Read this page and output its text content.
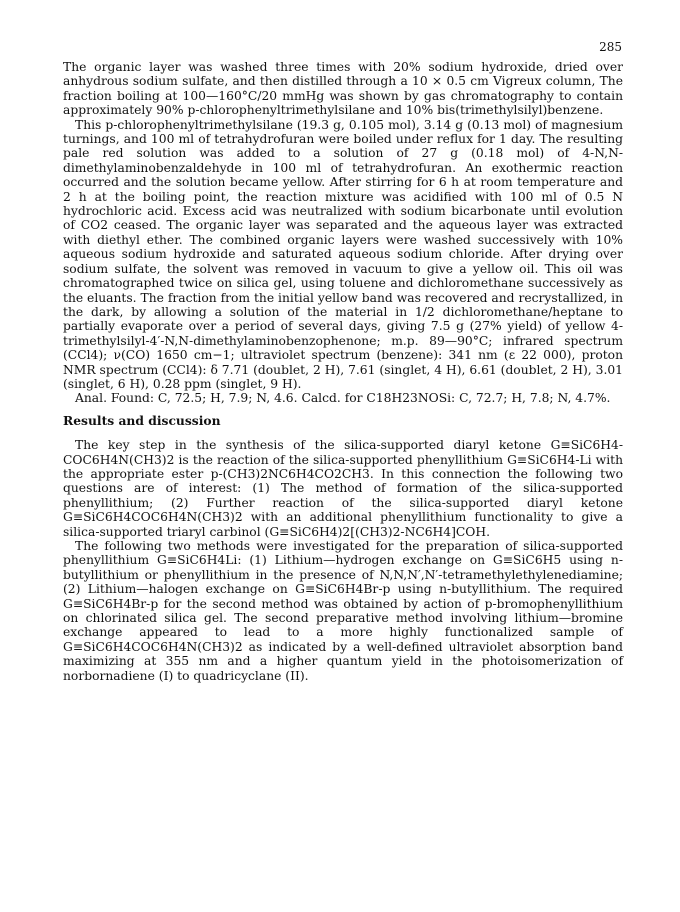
285

The organic layer was washed three times with 20% sodium hydroxide, dried over anhydrous sodium sulfate, and then distilled through a 10 × 0.5 cm Vigreux column, The fraction boiling at 100—160°C/20 mmHg was shown by gas chromatography to contain approximately 90% p-chlorophenyltrimethylsilane and 10% bis(trimethylsilyl)benzene.

This p-chlorophenyltrimethylsilane (19.3 g, 0.105 mol), 3.14 g (0.13 mol) of magnesium turnings, and 100 ml of tetrahydrofuran were boiled under reflux for 1 day. The resulting pale red solution was added to a solution of 27 g (0.18 mol) of 4-N,N-dimethylaminobenzaldehyde in 100 ml of tetrahydrofuran. An exothermic reaction occurred and the solution became yellow. After stirring for 6 h at room temperature and 2 h at the boiling point, the reaction mixture was acidified with 100 ml of 0.5 N hydrochloric acid. Excess acid was neutralized with sodium bicarbonate until evolution of CO2 ceased. The organic layer was separated and the aqueous layer was extracted with diethyl ether. The combined organic layers were washed successively with 10% aqueous sodium hydroxide and saturated aqueous sodium chloride. After drying over sodium sulfate, the solvent was removed in vacuum to give a yellow oil. This oil was chromatographed twice on silica gel, using toluene and dichloromethane successively as the eluants. The fraction from the initial yellow band was recovered and recrystallized, in the dark, by allowing a solution of the material in 1/2 dichloromethane/heptane to partially evaporate over a period of several days, giving 7.5 g (27% yield) of yellow 4-trimethylsilyl-4′-N,N-dimethylaminobenzophenone; m.p. 89—90°C; infrared spectrum (CCl4); ν(CO) 1650 cm−1; ultraviolet spectrum (benzene): 341 nm (ε 22 000), proton NMR spectrum (CCl4): δ 7.71 (doublet, 2 H), 7.61 (singlet, 4 H), 6.61 (doublet, 2 H), 3.01 (singlet, 6 H), 0.28 ppm (singlet, 9 H).

Anal. Found: C, 72.5; H, 7.9; N, 4.6. Calcd. for C18H23NOSi: C, 72.7; H, 7.8; N, 4.7%.

Results and discussion

The key step in the synthesis of the silica-supported diaryl ketone G≡SiC6H4-COC6H4N(CH3)2 is the reaction of the silica-supported phenyllithium G≡SiC6H4-Li with the appropriate ester p-(CH3)2NC6H4CO2CH3. In this connection the following two questions are of interest: (1) The method of formation of the silica-supported phenyllithium; (2) Further reaction of the silica-supported diaryl ketone G≡SiC6H4COC6H4N(CH3)2 with an additional phenyllithium functionality to give a silica-supported triaryl carbinol (G≡SiC6H4)2[(CH3)2-NC6H4]COH.

The following two methods were investigated for the preparation of silica-supported phenyllithium G≡SiC6H4Li: (1) Lithium—hydrogen exchange on G≡SiC6H5 using n-butyllithium or phenyllithium in the presence of N,N,N′,N′-tetramethylethylenediamine; (2) Lithium—halogen exchange on G≡SiC6H4Br-p using n-butyllithium. The required G≡SiC6H4Br-p for the second method was obtained by action of p-bromophenyllithium on chlorinated silica gel. The second preparative method involving lithium—bromine exchange appeared to lead to a more highly functionalized sample of G≡SiC6H4COC6H4N(CH3)2 as indicated by a well-defined ultraviolet absorption band maximizing at 355 nm and a higher quantum yield in the photoisomerization of norbornadiene (I) to quadricyclane (II).
